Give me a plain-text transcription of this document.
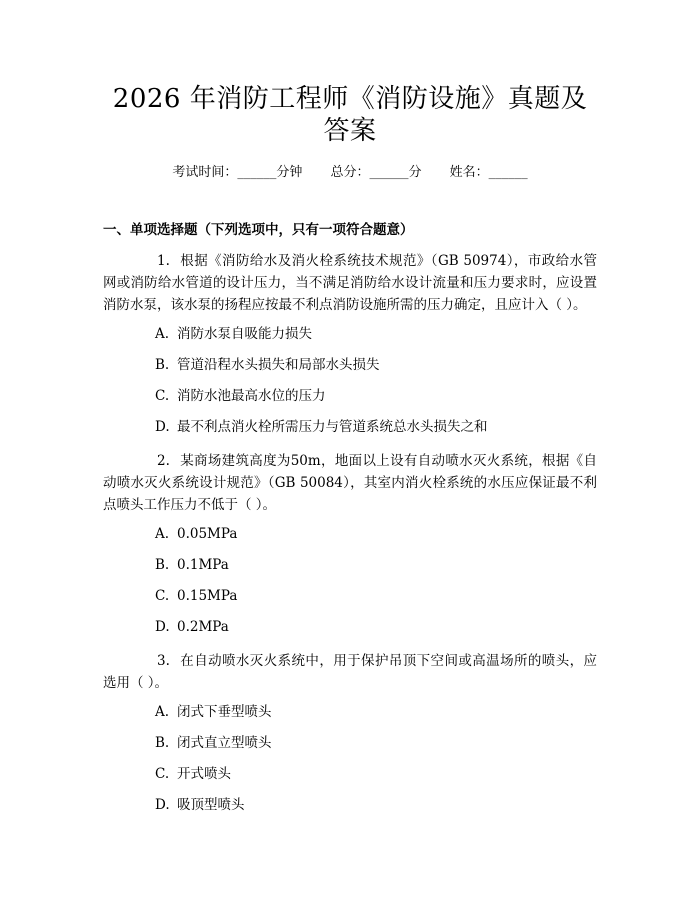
2026 年消防工程师《消防设施》真题及答案
考试时间：______分钟 总分：______分 姓名：______
一、单项选择题（下列选项中，只有一项符合题意）
1. 根据《消防给水及消火栓系统技术规范》（GB 50974），市政给水管网或消防给水管道的设计压力，当不满足消防给水设计流量和压力要求时，应设置消防水泵，该水泵的扬程应按最不利点消防设施所需的压力确定，且应计入（ ）。
A. 消防水泵自吸能力损失
B. 管道沿程水头损失和局部水头损失
C. 消防水池最高水位的压力
D. 最不利点消火栓所需压力与管道系统总水头损失之和
2. 某商场建筑高度为50m，地面以上设有自动喷水灭火系统，根据《自动喷水灭火系统设计规范》（GB 50084），其室内消火栓系统的水压应保证最不利点喷头工作压力不低于（ ）。
A. 0.05MPa
B. 0.1MPa
C. 0.15MPa
D. 0.2MPa
3. 在自动喷水灭火系统中，用于保护吊顶下空间或高温场所的喷头，应选用（ ）。
A. 闭式下垂型喷头
B. 闭式直立型喷头
C. 开式喷头
D. 吸顶型喷头
